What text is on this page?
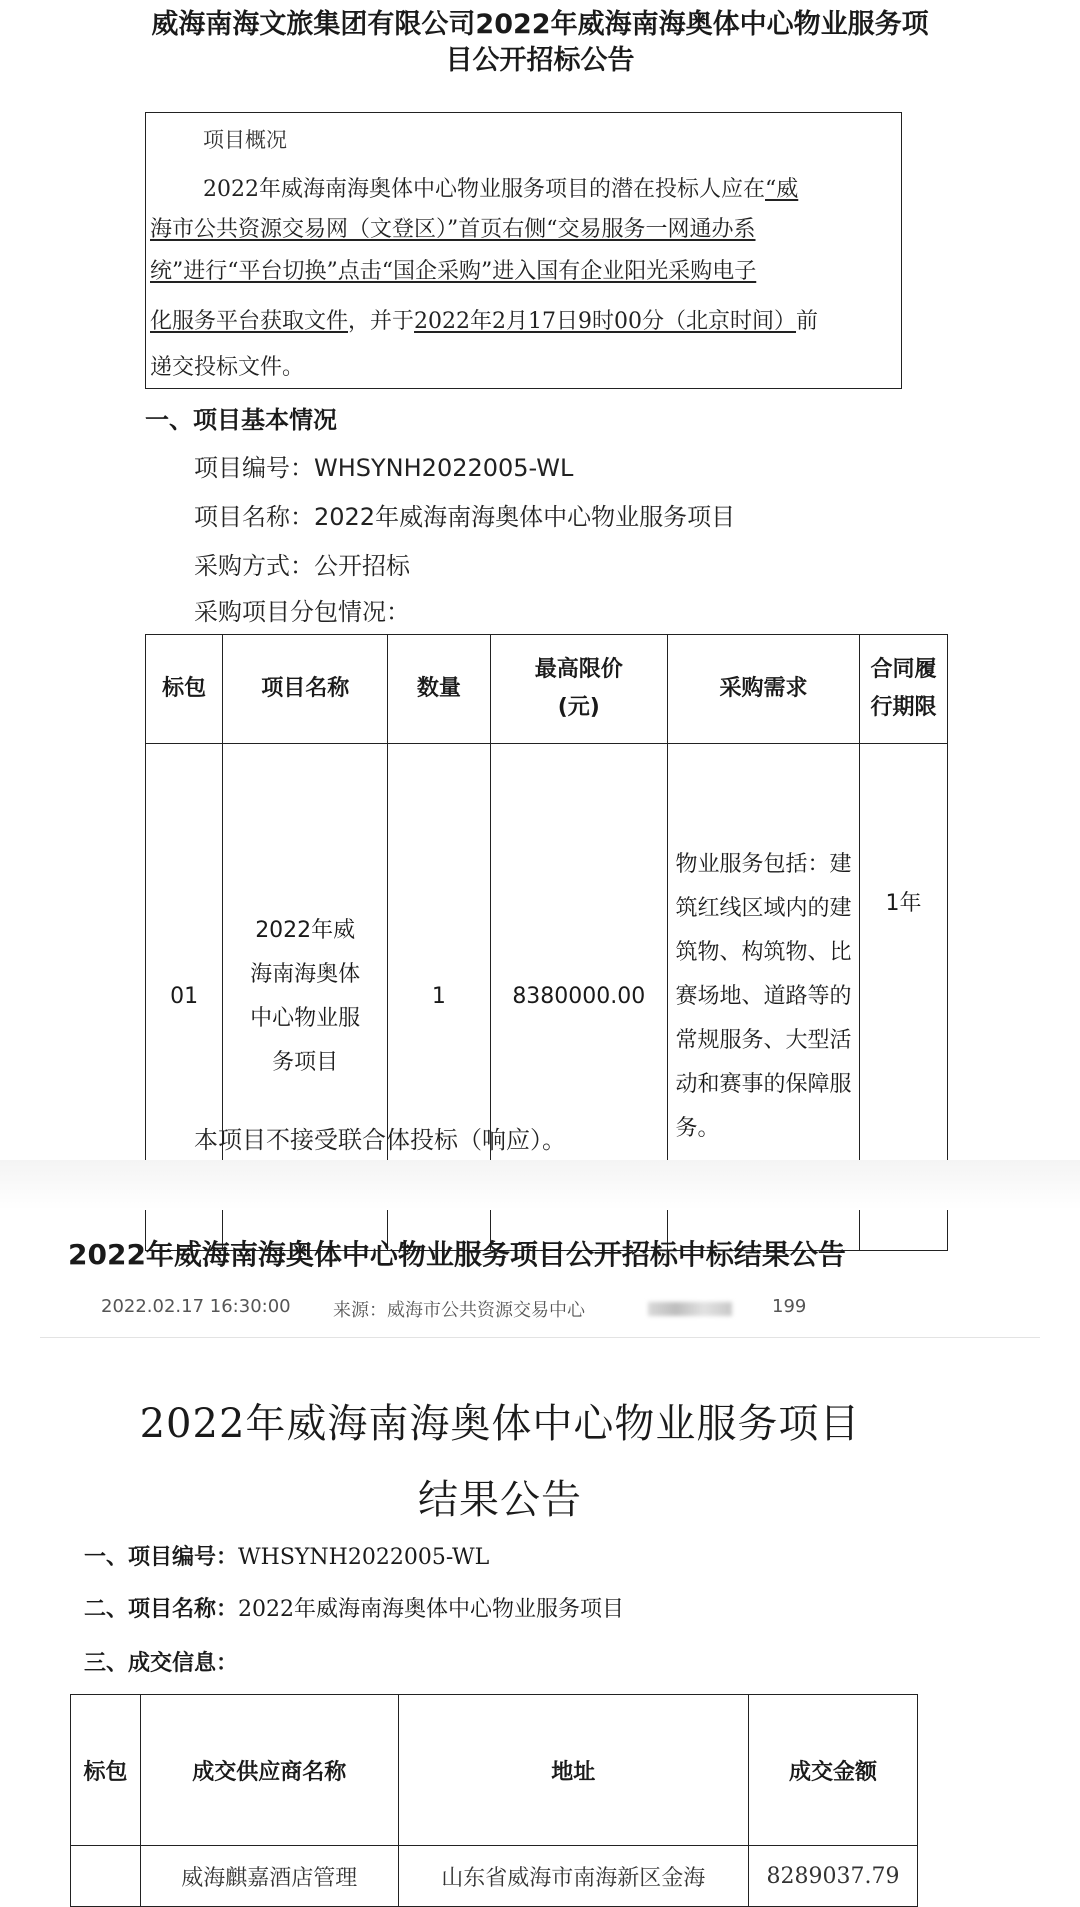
威海南海文旅集团有限公司2022年威海南海奥体中心物业服务项
目公开招标公告
项目概况
2022年威海南海奥体中心物业服务项目的潜在投标人应在“威
海市公共资源交易网（文登区）”首页右侧“交易服务一网通办系
统”进行“平台切换”点击“国企采购”进入国有企业阳光采购电子
化服务平台获取文件，并于2022年2月17日9时00分（北京时间）前
递交投标文件。
一、项目基本情况
项目编号：WHSYNH2022005-WL
项目名称：2022年威海南海奥体中心物业服务项目
采购方式：公开招标
采购项目分包情况：
标包	项目名称	数量	最高限价(元)	采购需求	合同履行期限
01	2022年威海南海奥体中心物业服务项目	1	8380000.00	物业服务包括：建筑红线区域内的建筑物、构筑物、比赛场地、道路等的常规服务、大型活动和赛事的保障服务。	1年
本项目不接受联合体投标（响应）。
2022年威海南海奥体中心物业服务项目公开招标中标结果公告
2022.02.17 16:30:00 来源：威海市公共资源交易中心	199
2022年威海南海奥体中心物业服务项目
结果公告
一、项目编号：WHSYNH2022005-WL
二、项目名称：2022年威海南海奥体中心物业服务项目
三、成交信息：
标包	成交供应商名称	地址	成交金额
	威海麒嘉酒店管理	山东省威海市南海新区金海	8289037.79
